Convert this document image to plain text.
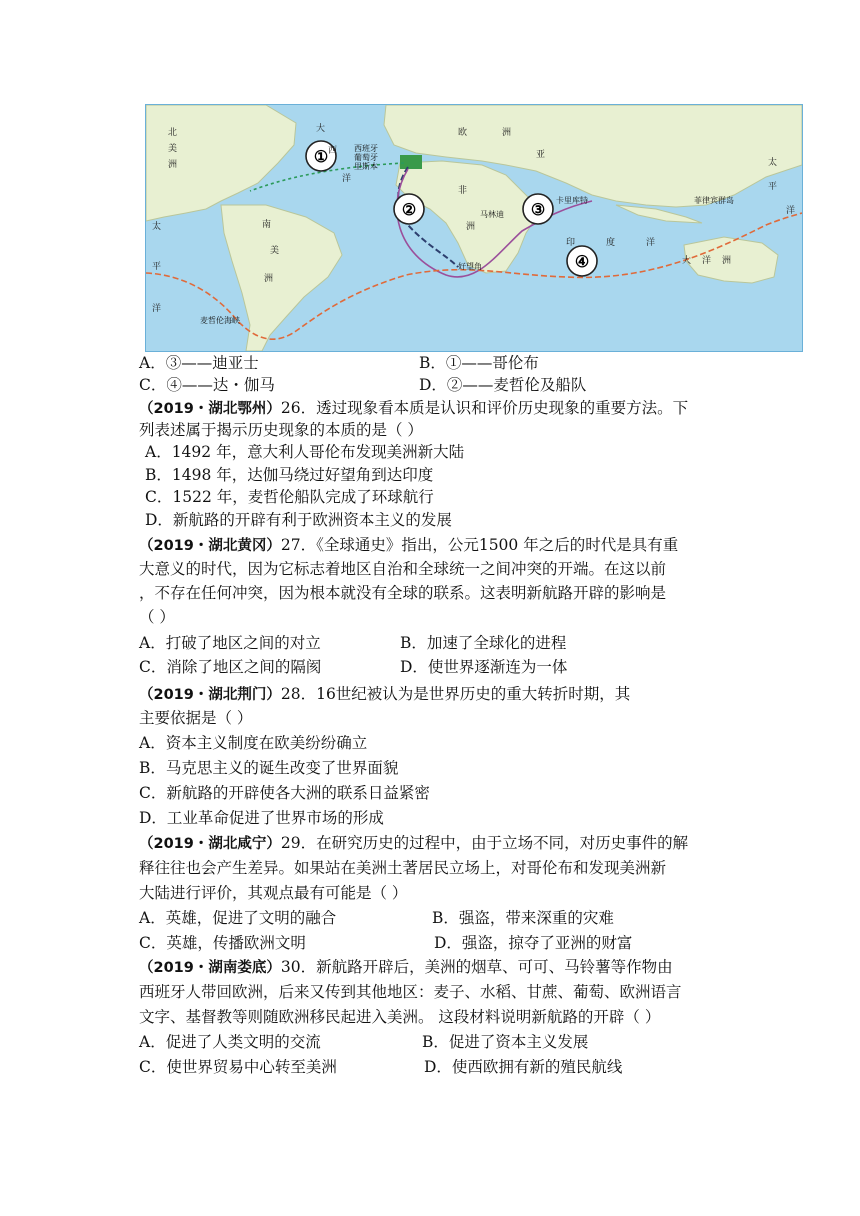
①
②	③
④
北
美
洲
大
西
洋
欧	洲
亚
非
洲
南
美
洲
印	度	洋
太
平
洋
太
平
洋
大 洋 洲
西班牙
葡萄牙
里斯本
卡里库特
马林迪
菲律宾群岛
好望角
麦哲伦海峡
A．③——迪亚士	B．①——哥伦布
C．④——达・伽马	D．②——麦哲伦及船队
（2019・湖北鄂州）26．透过现象看本质是认识和评价历史现象的重要方法。下
列表述属于揭示历史现象的本质的是（ ）
A．1492 年，意大利人哥伦布发现美洲新大陆
B．1498 年，达伽马绕过好望角到达印度
C．1522 年，麦哲伦船队完成了环球航行
D．新航路的开辟有利于欧洲资本主义的发展
（2019・湖北黄冈）27．《全球通史》指出，公元1500 年之后的时代是具有重
大意义的时代，因为它标志着地区自治和全球统一之间冲突的开端。在这以前
，不存在任何冲突，因为根本就没有全球的联系。这表明新航路开辟的影响是
（ ）
A．打破了地区之间的对立	B．加速了全球化的进程
C．消除了地区之间的隔阂	D．使世界逐渐连为一体
（2019・湖北荆门）28．16世纪被认为是世界历史的重大转折时期，其
主要依据是（ ）
A．资本主义制度在欧美纷纷确立
B．马克思主义的诞生改变了世界面貌
C．新航路的开辟使各大洲的联系日益紧密
D．工业革命促进了世界市场的形成
（2019・湖北咸宁）29．在研究历史的过程中，由于立场不同，对历史事件的解
释往往也会产生差异。如果站在美洲土著居民立场上，对哥伦布和发现美洲新
大陆进行评价，其观点最有可能是（ ）
A．英雄，促进了文明的融合	B．强盗，带来深重的灾难
C．英雄，传播欧洲文明	D．强盗，掠夺了亚洲的财富
（2019・湖南娄底）30．新航路开辟后，美洲的烟草、可可、马铃薯等作物由
西班牙人带回欧洲，后来又传到其他地区：麦子、水稻、甘蔗、葡萄、欧洲语言
文字、基督教等则随欧洲移民起进入美洲。 这段材料说明新航路的开辟（ ）
A．促进了人类文明的交流	B．促进了资本主义发展
C．使世界贸易中心转至美洲	D．使西欧拥有新的殖民航线
